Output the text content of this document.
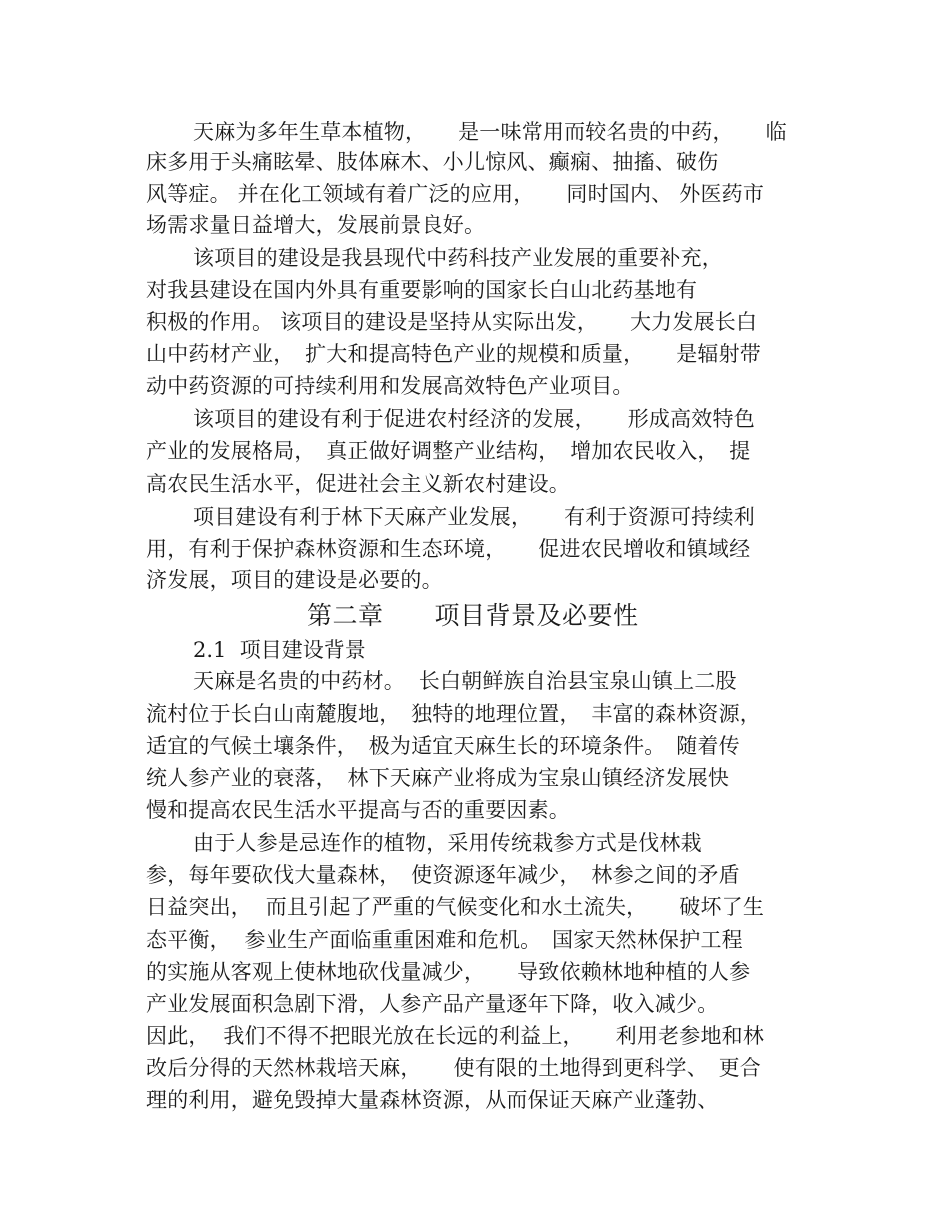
天麻为多年生草本植物，　　是一味常用而较名贵的中药，　　临
床多用于头痛眩晕、肢体麻木、小儿惊风、癫痫、抽搐、破伤
风等症。 并在化工领域有着广泛的应用，　　同时国内、 外医药市
场需求量日益增大，发展前景良好。
该项目的建设是我县现代中药科技产业发展的重要补充，
对我县建设在国内外具有重要影响的国家长白山北药基地有
积极的作用。 该项目的建设是坚持从实际出发，　　大力发展长白
山中药材产业，　扩大和提高特色产业的规模和质量，　　是辐射带
动中药资源的可持续利用和发展高效特色产业项目。
该项目的建设有利于促进农村经济的发展，　　形成高效特色
产业的发展格局，　真正做好调整产业结构，　增加农民收入，　提
高农民生活水平，促进社会主义新农村建设。
项目建设有利于林下天麻产业发展，　　有利于资源可持续利
用，有利于保护森林资源和生态环境，　　促进农民增收和镇域经
济发展，项目的建设是必要的。
第二章　　项目背景及必要性
2.1  项目建设背景
天麻是名贵的中药材。  长白朝鲜族自治县宝泉山镇上二股
流村位于长白山南麓腹地，　独特的地理位置，　丰富的森林资源，
适宜的气候土壤条件，　极为适宜天麻生长的环境条件。　随着传
统人参产业的衰落，　林下天麻产业将成为宝泉山镇经济发展快
慢和提高农民生活水平提高与否的重要因素。
由于人参是忌连作的植物，采用传统栽参方式是伐林栽
参，每年要砍伐大量森林，　使资源逐年减少，　林参之间的矛盾
日益突出，  而且引起了严重的气候变化和水土流失，　　破坏了生
态平衡，  参业生产面临重重困难和危机。　国家天然林保护工程
的实施从客观上使林地砍伐量减少，　　导致依赖林地种植的人参
产业发展面积急剧下滑，人参产品产量逐年下降，收入减少。
因此，  我们不得不把眼光放在长远的利益上，　　利用老参地和林
改后分得的天然林栽培天麻，　　使有限的土地得到更科学、　更合
理的利用，避免毁掉大量森林资源，从而保证天麻产业蓬勃、
